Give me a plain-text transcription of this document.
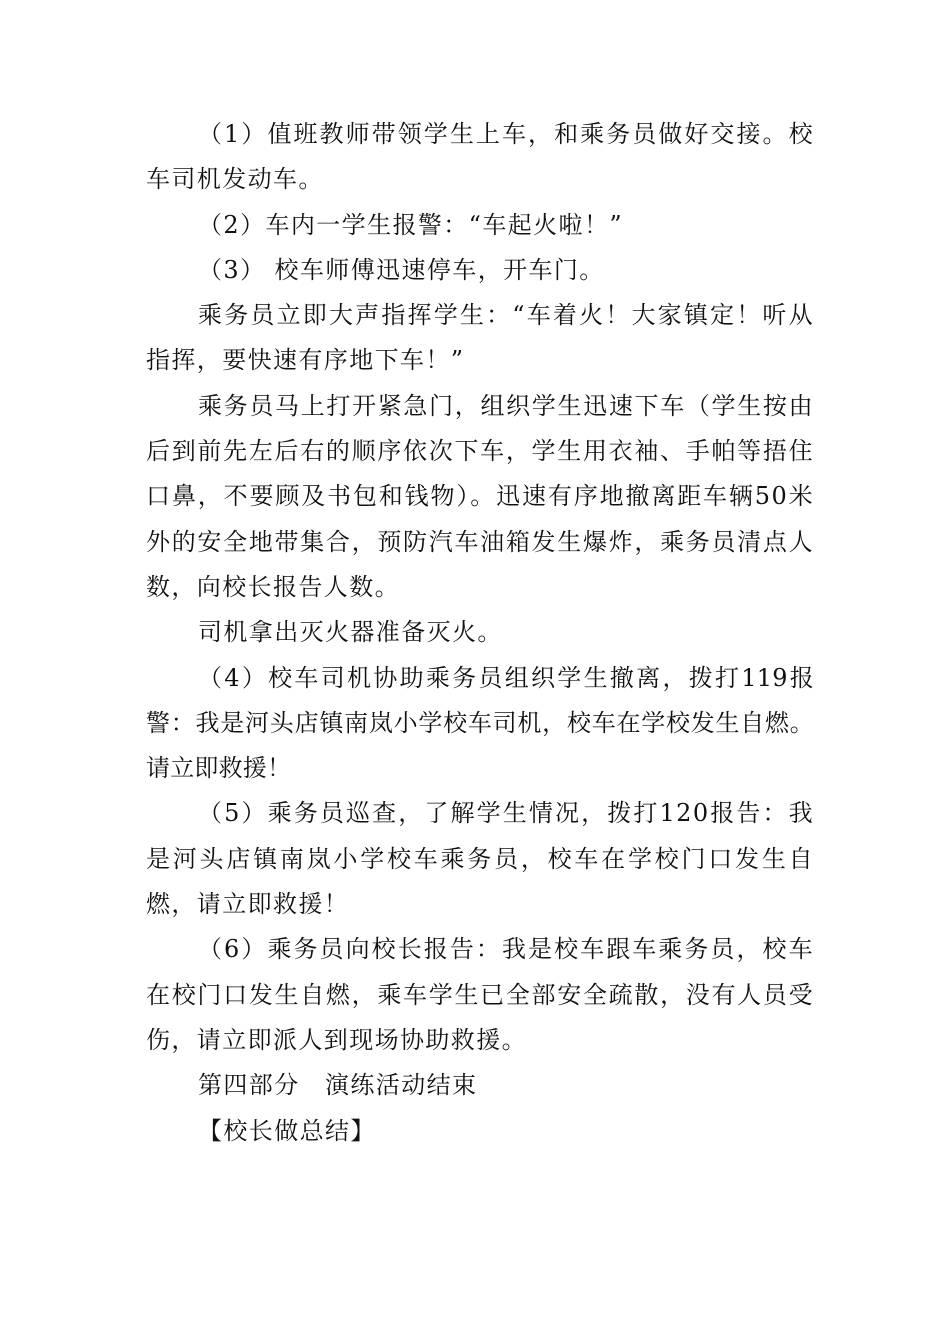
（1）值班教师带领学生上车，和乘务员做好交接。校车司机发动车。

（2）车内一学生报警：“车起火啦！”

（3） 校车师傅迅速停车，开车门。

乘务员立即大声指挥学生：“车着火！大家镇定！听从指挥，要快速有序地下车！”

乘务员马上打开紧急门，组织学生迅速下车（学生按由后到前先左后右的顺序依次下车，学生用衣袖、手帕等捂住口鼻，不要顾及书包和钱物）。迅速有序地撤离距车辆50米外的安全地带集合，预防汽车油箱发生爆炸，乘务员清点人数，向校长报告人数。

司机拿出灭火器准备灭火。

（4）校车司机协助乘务员组织学生撤离，拨打119报警：我是河头店镇南岚小学校车司机，校车在学校发生自燃。请立即救援！

（5）乘务员巡查，了解学生情况，拨打120报告：我是河头店镇南岚小学校车乘务员，校车在学校门口发生自燃，请立即救援！

（6）乘务员向校长报告：我是校车跟车乘务员，校车在校门口发生自燃，乘车学生已全部安全疏散，没有人员受伤，请立即派人到现场协助救援。

第四部分　演练活动结束

【校长做总结】
